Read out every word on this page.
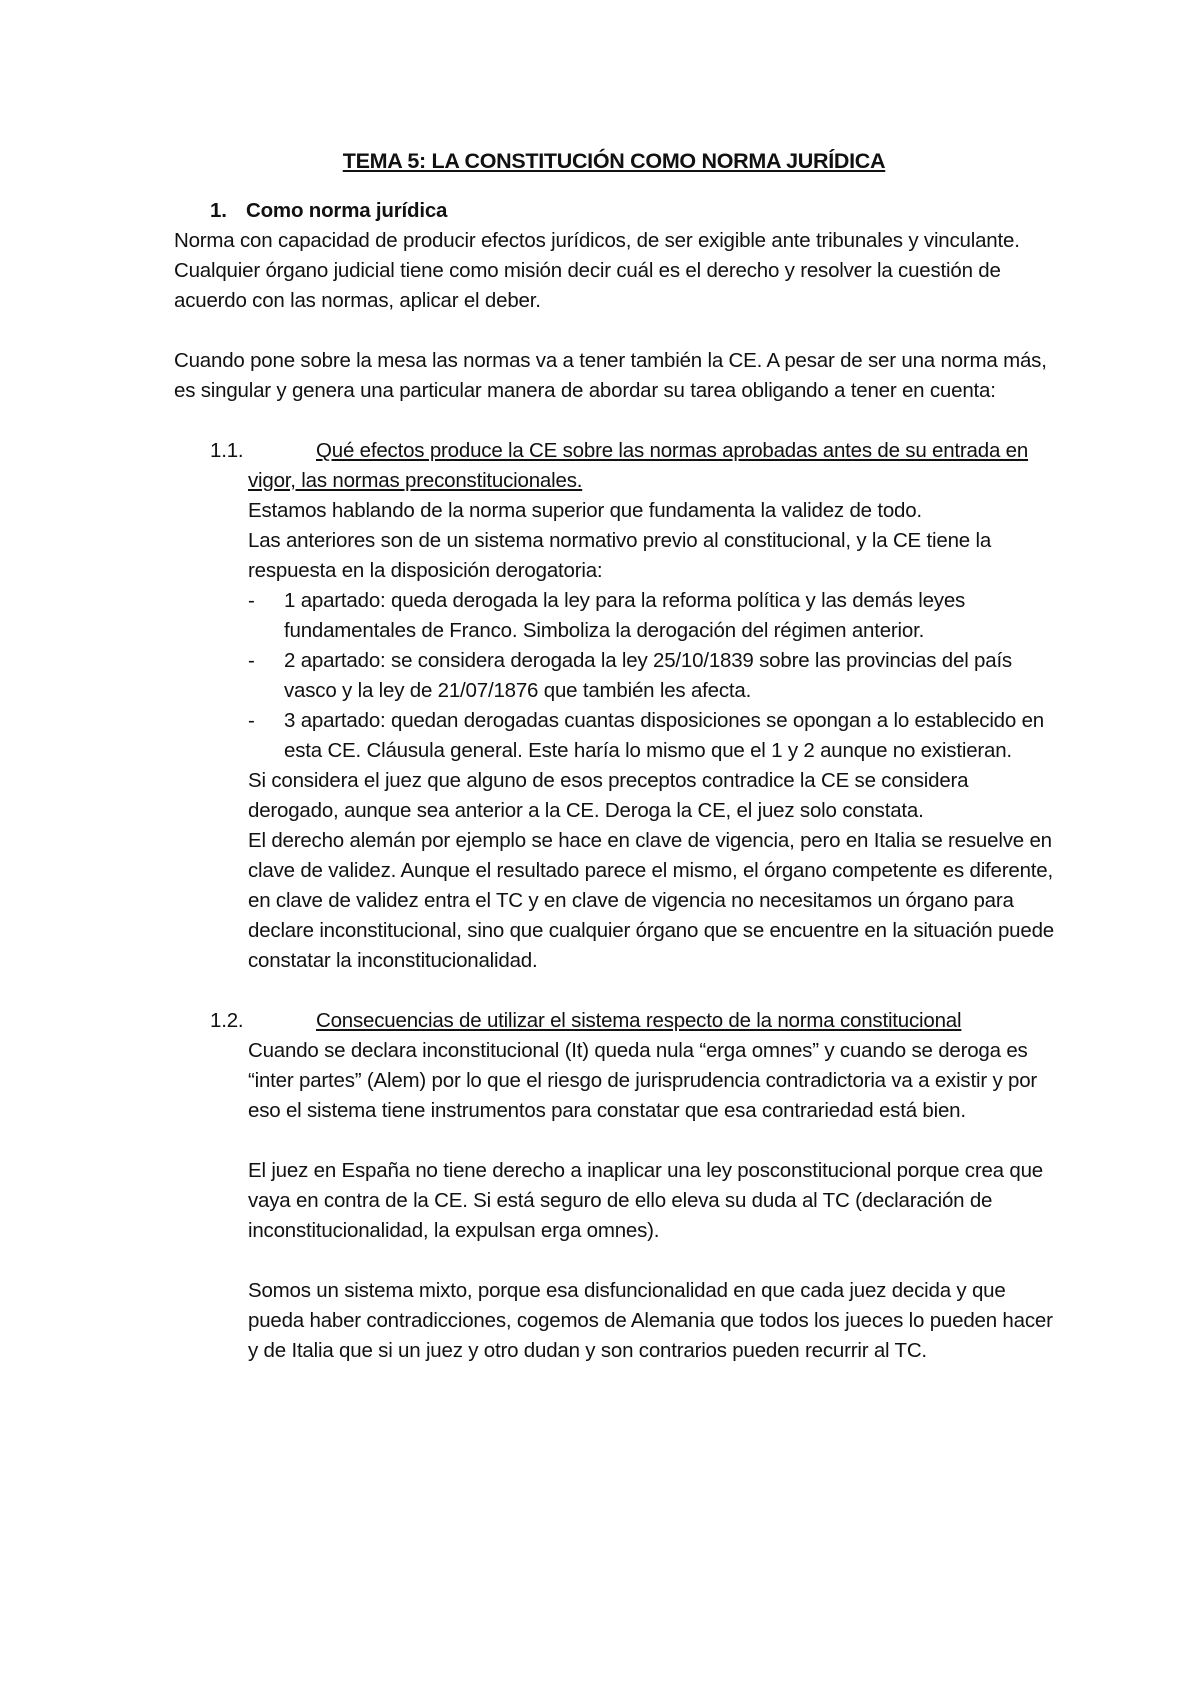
TEMA 5: LA CONSTITUCIÓN COMO NORMA JURÍDICA
1. Como norma jurídica

Norma con capacidad de producir efectos jurídicos, de ser exigible ante tribunales y vinculante. Cualquier órgano judicial tiene como misión decir cuál es el derecho y resolver la cuestión de acuerdo con las normas, aplicar el deber.

Cuando pone sobre la mesa las normas va a tener también la CE. A pesar de ser una norma más, es singular y genera una particular manera de abordar su tarea obligando a tener en cuenta:

1.1.	Qué efectos produce la CE sobre las normas aprobadas antes de su entrada en vigor, las normas preconstitucionales.

Estamos hablando de la norma superior que fundamenta la validez de todo.

Las anteriores son de un sistema normativo previo al constitucional, y la CE tiene la respuesta en la disposición derogatoria:

- 1 apartado: queda derogada la ley para la reforma política y las demás leyes fundamentales de Franco. Simboliza la derogación del régimen anterior.
- 2 apartado: se considera derogada la ley 25/10/1839 sobre las provincias del país vasco y la ley de 21/07/1876 que también les afecta.
- 3 apartado: quedan derogadas cuantas disposiciones se opongan a lo establecido en esta CE. Cláusula general. Este haría lo mismo que el 1 y 2 aunque no existieran.

Si considera el juez que alguno de esos preceptos contradice la CE se considera derogado, aunque sea anterior a la CE. Deroga la CE, el juez solo constata.

El derecho alemán por ejemplo se hace en clave de vigencia, pero en Italia se resuelve en clave de validez. Aunque el resultado parece el mismo, el órgano competente es diferente, en clave de validez entra el TC y en clave de vigencia no necesitamos un órgano para declare inconstitucional, sino que cualquier órgano que se encuentre en la situación puede constatar la inconstitucionalidad.

1.2.	Consecuencias de utilizar el sistema respecto de la norma constitucional

Cuando se declara inconstitucional (It) queda nula “erga omnes” y cuando se deroga es “inter partes” (Alem) por lo que el riesgo de jurisprudencia contradictoria va a existir y por eso el sistema tiene instrumentos para constatar que esa contrariedad está bien.

El juez en España no tiene derecho a inaplicar una ley posconstitucional porque crea que vaya en contra de la CE. Si está seguro de ello eleva su duda al TC (declaración de inconstitucionalidad, la expulsan erga omnes).

Somos un sistema mixto, porque esa disfuncionalidad en que cada juez decida y que pueda haber contradicciones, cogemos de Alemania que todos los jueces lo pueden hacer y de Italia que si un juez y otro dudan y son contrarios pueden recurrir al TC.
